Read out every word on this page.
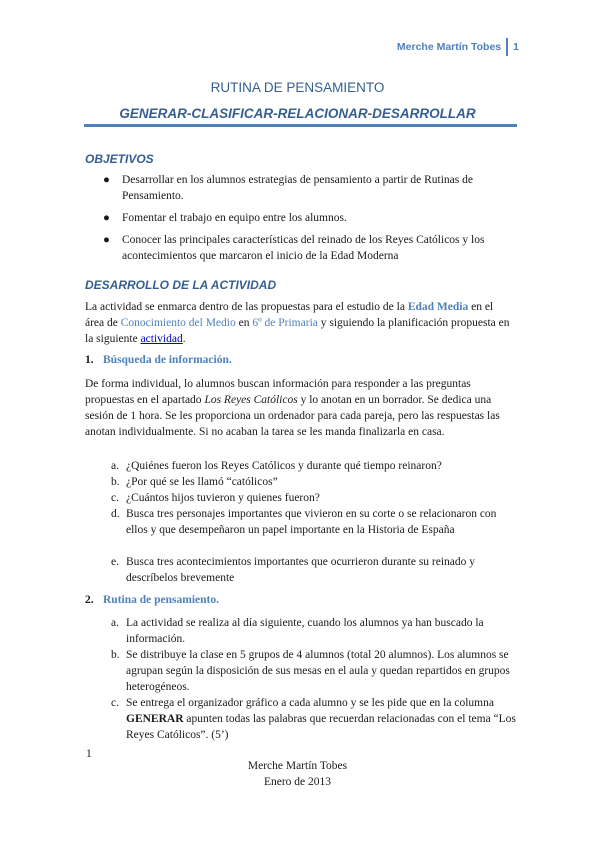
Merche Martín Tobes 1
RUTINA DE PENSAMIENTO
GENERAR-CLASIFICAR-RELACIONAR-DESARROLLAR
OBJETIVOS
● Desarrollar en los alumnos estrategias de pensamiento a partir de Rutinas de Pensamiento.
● Fomentar el trabajo en equipo entre los alumnos.
● Conocer las principales características del reinado de los Reyes Católicos y los acontecimientos que marcaron el inicio de la Edad Moderna
DESARROLLO DE LA ACTIVIDAD
La actividad se enmarca dentro de las propuestas para el estudio de la Edad Media en el área de Conocimiento del Medio en 6º de Primaria y siguiendo la planificación propuesta en la siguiente actividad.
1. Búsqueda de información.
De forma individual, lo alumnos buscan información para responder a las preguntas propuestas en el apartado Los Reyes Católicos y lo anotan en un borrador. Se dedica una sesión de 1 hora. Se les proporciona un ordenador para cada pareja, pero las respuestas las anotan individualmente. Si no acaban la tarea se les manda finalizarla en casa.
a. ¿Quiénes fueron los Reyes Católicos y durante qué tiempo reinaron?
b. ¿Por qué se les llamó “católicos”
c. ¿Cuántos hijos tuvieron y quienes fueron?
d. Busca tres personajes importantes que vivieron en su corte o se relacionaron con ellos y que desempeñaron un papel importante en la Historia de España
e. Busca tres acontecimientos importantes que ocurrieron durante su reinado y descríbelos brevemente
2. Rutina de pensamiento.
a. La actividad se realiza al día siguiente, cuando los alumnos ya han buscado la información.
b. Se distribuye la clase en 5 grupos de 4 alumnos (total 20 alumnos). Los alumnos se agrupan según la disposición de sus mesas en el aula y quedan repartidos en grupos heterogéneos.
c. Se entrega el organizador gráfico a cada alumno y se les pide que en la columna GENERAR apunten todas las palabras que recuerdan relacionadas con el tema “Los Reyes Católicos”. (5’)
1
Merche Martín Tobes
Enero de 2013
